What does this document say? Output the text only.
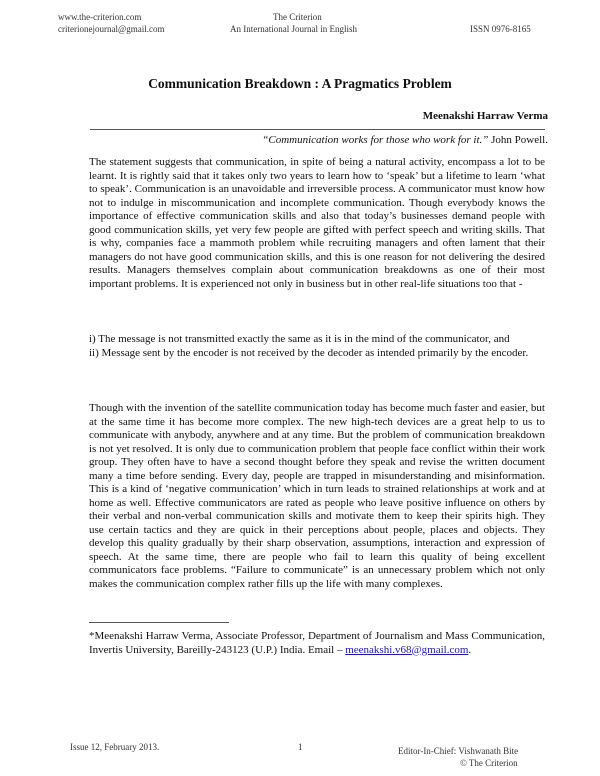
www.the-criterion.com
criterionejournal@gmail.com
The Criterion
An International Journal in English	ISSN 0976-8165
Communication Breakdown : A Pragmatics Problem
Meenakshi Harraw Verma
“Communication works for those who work for it.” John Powell.

The statement suggests that communication, in spite of being a natural activity, encompass a lot to be learnt. It is rightly said that it takes only two years to learn how to ‘speak’ but a lifetime to learn ‘what to speak’. Communication is an unavoidable and irreversible process. A communicator must know how not to indulge in miscommunication and incomplete communication. Though everybody knows the importance of effective communication skills and also that today’s businesses demand people with good communication skills, yet very few people are gifted with perfect speech and writing skills. That is why, companies face a mammoth problem while recruiting managers and often lament that their managers do not have good communication skills, and this is one reason for not delivering the desired results. Managers themselves complain about communication breakdowns as one of their most important problems. It is experienced not only in business but in other real-life situations too that -

i) The message is not transmitted exactly the same as it is in the mind of the communicator, and
ii) Message sent by the encoder is not received by the decoder as intended primarily by the encoder.

Though with the invention of the satellite communication today has become much faster and easier, but at the same time it has become more complex. The new high-tech devices are a great help to us to communicate with anybody, anywhere and at any time. But the problem of communication breakdown is not yet resolved. It is only due to communication problem that people face conflict within their work group. They often have to have a second thought before they speak and revise the written document many a time before sending. Every day, people are trapped in misunderstanding and misinformation. This is a kind of ‘negative communication’ which in turn leads to strained relationships at work and at home as well. Effective communicators are rated as people who leave positive influence on others by their verbal and non-verbal communication skills and motivate them to keep their spirits high. They use certain tactics and they are quick in their perceptions about people, places and objects. They develop this quality gradually by their sharp observation, assumptions, interaction and expression of speech. At the same time, there are people who fail to learn this quality of being excellent communicators face problems. “Failure to communicate” is an unnecessary problem which not only makes the communication complex rather fills up the life with many complexes.

*Meenakshi Harraw Verma, Associate Professor, Department of Journalism and Mass Communication, Invertis University, Bareilly-243123 (U.P.) India. Email – meenakshi.v68@gmail.com.
Issue 12, February 2013.	1	Editor-In-Chief: Vishwanath Bite
© The Criterion
